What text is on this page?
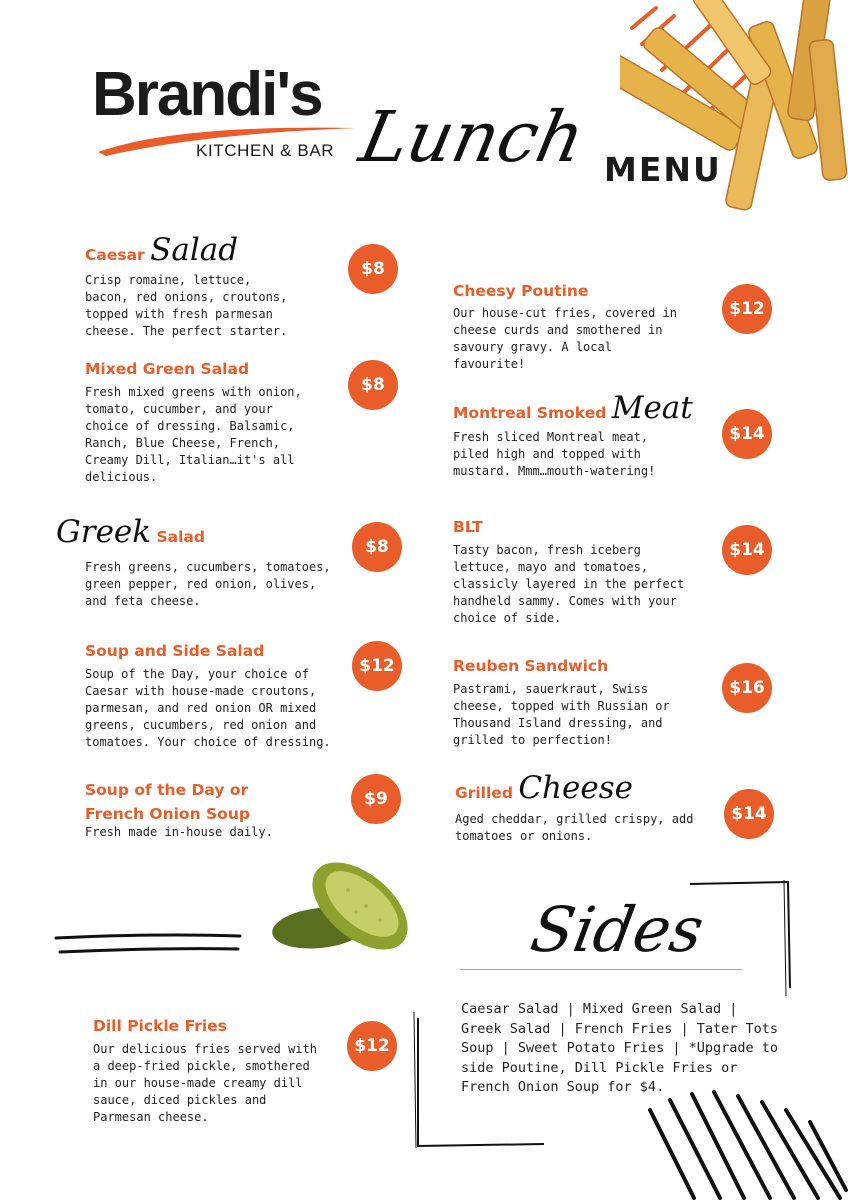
Brandi's
KITCHEN & BAR Lunch MENU
Caesar Salad
Crisp romaine, lettuce, bacon, red onions, croutons, topped with fresh parmesan cheese. The perfect starter.
$8
Mixed Green Salad
Fresh mixed greens with onion, tomato, cucumber, and your choice of dressing. Balsamic, Ranch, Blue Cheese, French, Creamy Dill, Italian…it's all delicious.
$8
Greek Salad
Fresh greens, cucumbers, tomatoes, green pepper, red onion, olives, and feta cheese.
$8
Soup and Side Salad
Soup of the Day, your choice of Caesar with house-made croutons, parmesan, and red onion OR mixed greens, cucumbers, red onion and tomatoes. Your choice of dressing.
$12
Soup of the Day or French Onion Soup
Fresh made in-house daily.
$9
Dill Pickle Fries
Our delicious fries served with a deep-fried pickle, smothered in our house-made creamy dill sauce, diced pickles and Parmesan cheese.
$12
Cheesy Poutine
Our house-cut fries, covered in cheese curds and smothered in savoury gravy. A local favourite!
$12
Montreal Smoked Meat
Fresh sliced Montreal meat, piled high and topped with mustard. Mmm…mouth-watering!
$14
BLT
Tasty bacon, fresh iceberg lettuce, mayo and tomatoes, classicly layered in the perfect handheld sammy. Comes with your choice of side.
$14
Reuben Sandwich
Pastrami, sauerkraut, Swiss cheese, topped with Russian or Thousand Island dressing, and grilled to perfection!
$16
Grilled Cheese
Aged cheddar, grilled crispy, add tomatoes or onions.
$14
Sides
Caesar Salad | Mixed Green Salad | Greek Salad | French Fries | Tater Tots Soup | Sweet Potato Fries | *Upgrade to side Poutine, Dill Pickle Fries or French Onion Soup for $4.
